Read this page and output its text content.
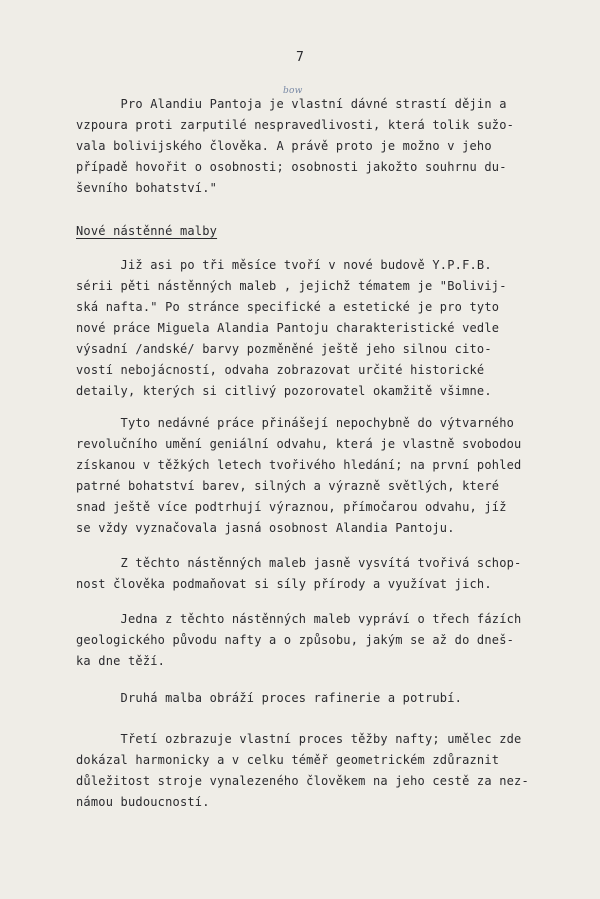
7
bow

Pro Alandiu Pantoja je vlastní dávné strastí dějin a
vzpoura proti zarputilé nespravedlivosti, která tolik sužo-
vala bolivijského člověka. A právě proto je možno v jeho
případě hovořit o osobnosti; osobnosti jakožto souhrnu du-
ševního bohatství."

Nové nástěnné malby

Již asi po tři měsíce tvoří v nové budově Y.P.F.B.
sérii pěti nástěnných maleb , jejichž tématem je "Bolivij-
ská nafta." Po stránce specifické a estetické je pro tyto
nové práce Miguela Alandia Pantoju charakteristické vedle
výsadní /andské/ barvy pozměněné ještě jeho silnou cito-
vostí nebojácností, odvaha zobrazovat určité historické
detaily, kterých si citlivý pozorovatel okamžitě všimne.

Tyto nedávné práce přinášejí nepochybně do výtvarného
revolučního umění geniální odvahu, která je vlastně svobodou
získanou v těžkých letech tvořivého hledání; na první pohled
patrné bohatství barev, silných a výrazně světlých, které
snad ještě více podtrhují výraznou, přímočarou odvahu, jíž
se vždy vyznačovala jasná osobnost Alandia Pantoju.

Z těchto nástěnných maleb jasně vysvítá tvořivá schop-
nost člověka podmaňovat si síly přírody a využívat jich.

Jedna z těchto nástěnných maleb vypráví o třech fázích
geologického původu nafty a o způsobu, jakým se až do dneš-
ka dne těží.

Druhá malba obráží proces rafinerie a potrubí.

Třetí ozbrazuje vlastní proces těžby nafty; umělec zde
dokázal harmonicky a v celku téměř geometrickém zdůraznit
důležitost stroje vynalezeného člověkem na jeho cestě za nez-
námou budoucností.
